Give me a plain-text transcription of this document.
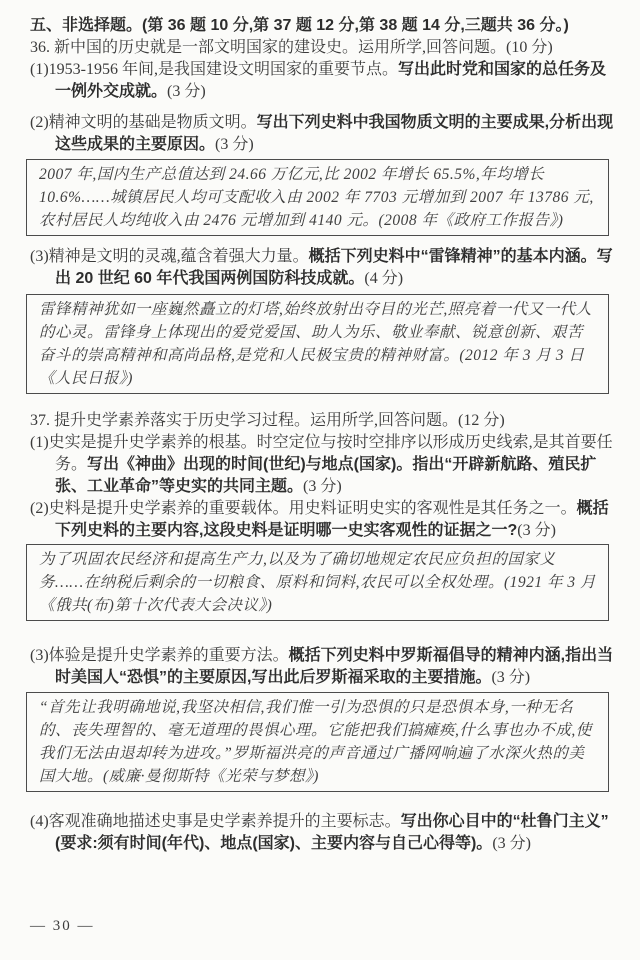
五、非选择题。(第 36 题 10 分,第 37 题 12 分,第 38 题 14 分,三题共 36 分。)

36. 新中国的历史就是一部文明国家的建设史。运用所学,回答问题。(10 分)

(1)1953-1956 年间,是我国建设文明国家的重要节点。写出此时党和国家的总任务及一例外交成就。(3 分)

(2)精神文明的基础是物质文明。写出下列史料中我国物质文明的主要成果,分析出现这些成果的主要原因。(3 分)

2007 年,国内生产总值达到 24.66 万亿元,比 2002 年增长 65.5%,年均增长 10.6%……城镇居民人均可支配收入由 2002 年 7703 元增加到 2007 年 13786 元,农村居民人均纯收入由 2476 元增加到 4140 元。(2008 年《政府工作报告》)

(3)精神是文明的灵魂,蕴含着强大力量。概括下列史料中“雷锋精神”的基本内涵。写出 20 世纪 60 年代我国两例国防科技成就。(4 分)

雷锋精神犹如一座巍然矗立的灯塔,始终放射出夺目的光芒,照亮着一代又一代人的心灵。雷锋身上体现出的爱党爱国、助人为乐、敬业奉献、锐意创新、艰苦奋斗的崇高精神和高尚品格,是党和人民极宝贵的精神财富。(2012 年 3 月 3 日《人民日报》)

37. 提升史学素养落实于历史学习过程。运用所学,回答问题。(12 分)

(1)史实是提升史学素养的根基。时空定位与按时空排序以形成历史线索,是其首要任务。写出《神曲》出现的时间(世纪)与地点(国家)。指出“开辟新航路、殖民扩张、工业革命”等史实的共同主题。(3 分)

(2)史料是提升史学素养的重要载体。用史料证明史实的客观性是其任务之一。概括下列史料的主要内容,这段史料是证明哪一史实客观性的证据之一?(3 分)

为了巩固农民经济和提高生产力,以及为了确切地规定农民应负担的国家义务……在纳税后剩余的一切粮食、原料和饲料,农民可以全权处理。(1921 年 3 月《俄共(布)第十次代表大会决议》)

(3)体验是提升史学素养的重要方法。概括下列史料中罗斯福倡导的精神内涵,指出当时美国人“恐惧”的主要原因,写出此后罗斯福采取的主要措施。(3 分)

“首先让我明确地说,我坚决相信,我们惟一引为恐惧的只是恐惧本身,一种无名的、丧失理智的、毫无道理的畏惧心理。它能把我们搞瘫痪,什么事也办不成,使我们无法由退却转为进攻。”罗斯福洪亮的声音通过广播网响遍了水深火热的美国大地。(威廉·曼彻斯特《光荣与梦想》)

(4)客观准确地描述史事是史学素养提升的主要标志。写出你心目中的“杜鲁门主义”(要求:须有时间(年代)、地点(国家)、主要内容与自己心得等)。(3 分)

— 30 —
